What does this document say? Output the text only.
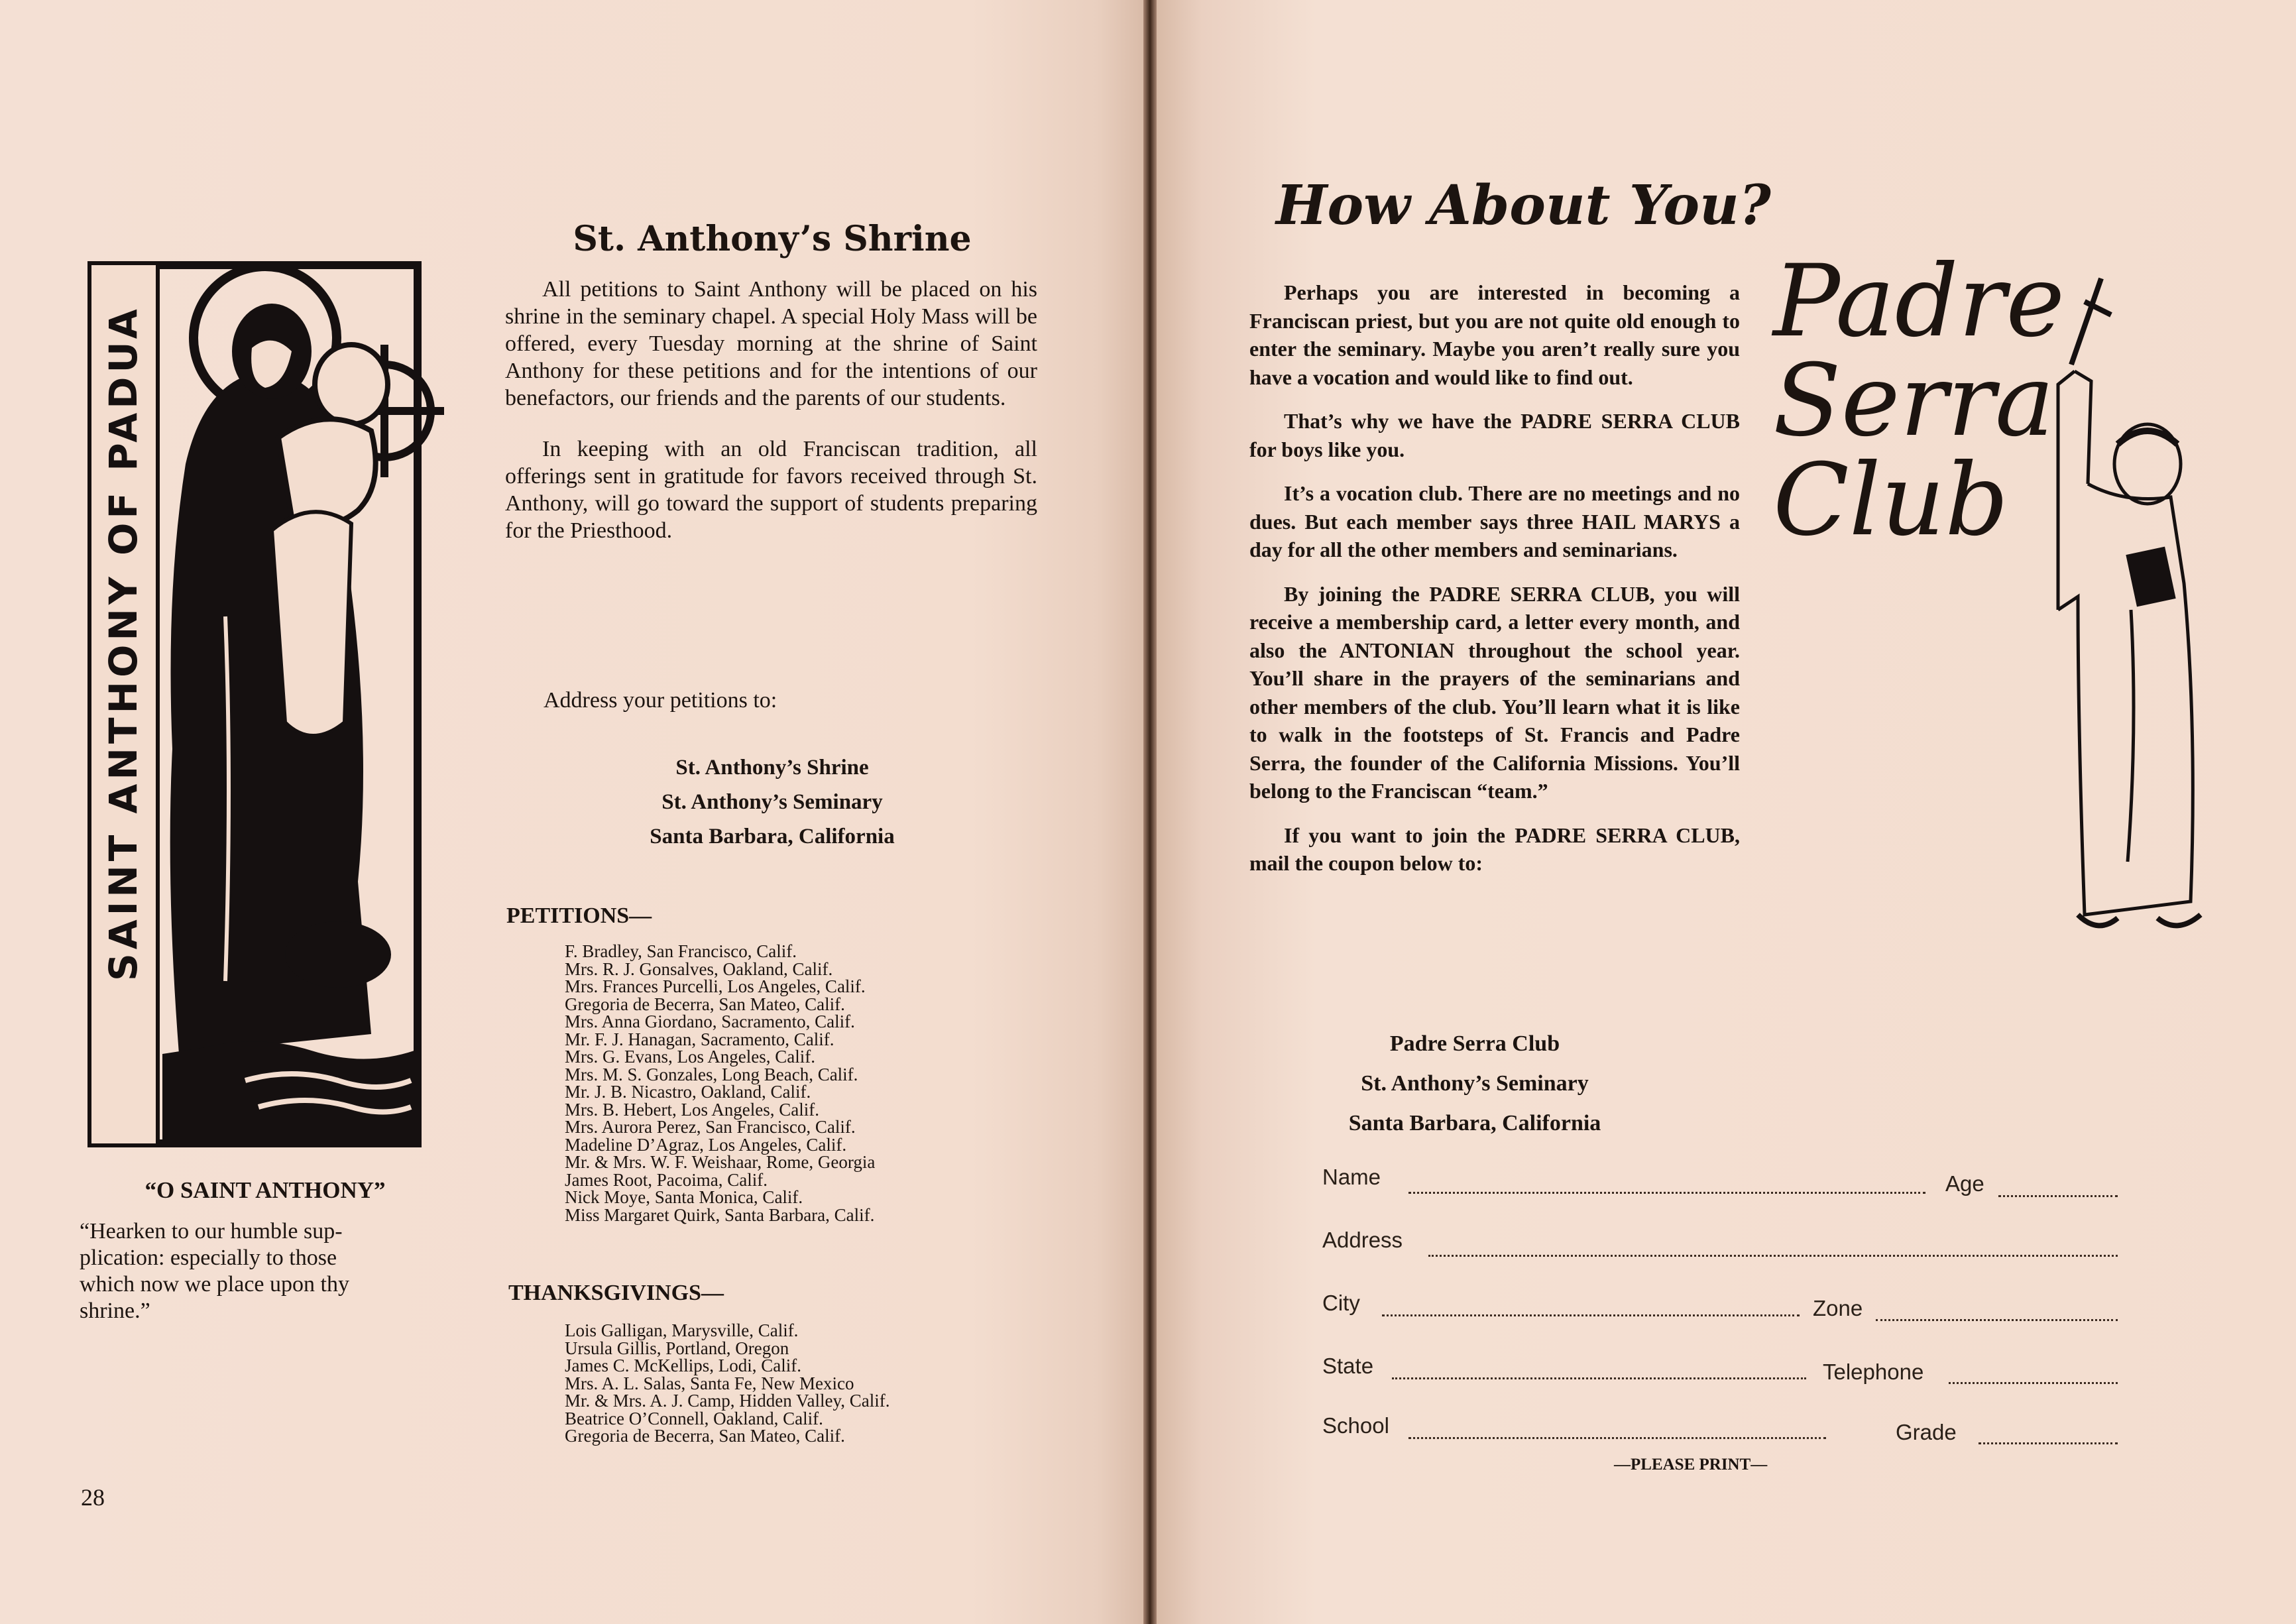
SAINT ANTHONY OF PADUA
“O SAINT ANTHONY”
“Hearken to our humble sup-
plication: especially to those
which now we place upon thy
shrine.”
28
St. Anthony’s Shrine

All petitions to Saint Anthony will be placed on his shrine in the seminary chapel. A special Holy Mass will be offered, every Tuesday morning at the shrine of Saint Anthony for these petitions and for the intentions of our benefactors, our friends and the parents of our students.

In keeping with an old Franciscan tradition, all offerings sent in gratitude for favors received through St. Anthony, will go toward the support of students preparing for the Priesthood.

Address your petitions to:
St. Anthony’s Shrine
St. Anthony’s Seminary
Santa Barbara, California
PETITIONS—
F. Bradley, San Francisco, Calif.
Mrs. R. J. Gonsalves, Oakland, Calif.
Mrs. Frances Purcelli, Los Angeles, Calif.
Gregoria de Becerra, San Mateo, Calif.
Mrs. Anna Giordano, Sacramento, Calif.
Mr. F. J. Hanagan, Sacramento, Calif.
Mrs. G. Evans, Los Angeles, Calif.
Mrs. M. S. Gonzales, Long Beach, Calif.
Mr. J. B. Nicastro, Oakland, Calif.
Mrs. B. Hebert, Los Angeles, Calif.
Mrs. Aurora Perez, San Francisco, Calif.
Madeline D’Agraz, Los Angeles, Calif.
Mr. & Mrs. W. F. Weishaar, Rome, Georgia
James Root, Pacoima, Calif.
Nick Moye, Santa Monica, Calif.
Miss Margaret Quirk, Santa Barbara, Calif.
THANKSGIVINGS—
Lois Galligan, Marysville, Calif.
Ursula Gillis, Portland, Oregon
James C. McKellips, Lodi, Calif.
Mrs. A. L. Salas, Santa Fe, New Mexico
Mr. & Mrs. A. J. Camp, Hidden Valley, Calif.
Beatrice O’Connell, Oakland, Calif.
Gregoria de Becerra, San Mateo, Calif.
How About You?

Perhaps you are interested in becoming a Franciscan priest, but you are not quite old enough to enter the seminary. Maybe you aren’t really sure you have a vocation and would like to find out.

That’s why we have the PADRE SERRA CLUB for boys like you.

It’s a vocation club. There are no meetings and no dues. But each member says three HAIL MARYS a day for all the other members and seminarians.

By joining the PADRE SERRA CLUB, you will receive a membership card, a letter every month, and also the ANTONIAN throughout the school year. You’ll share in the prayers of the seminarians and other members of the club. You’ll learn what it is like to walk in the footsteps of St. Francis and Padre Serra, the founder of the California Missions. You’ll belong to the Franciscan “team.”

If you want to join the PADRE SERRA CLUB, mail the coupon below to:

Padre
Serra
Club
Padre Serra Club
St. Anthony’s Seminary
Santa Barbara, California
Name	Age
Address
City	Zone
State	Telephone
School	Grade
—PLEASE PRINT—
